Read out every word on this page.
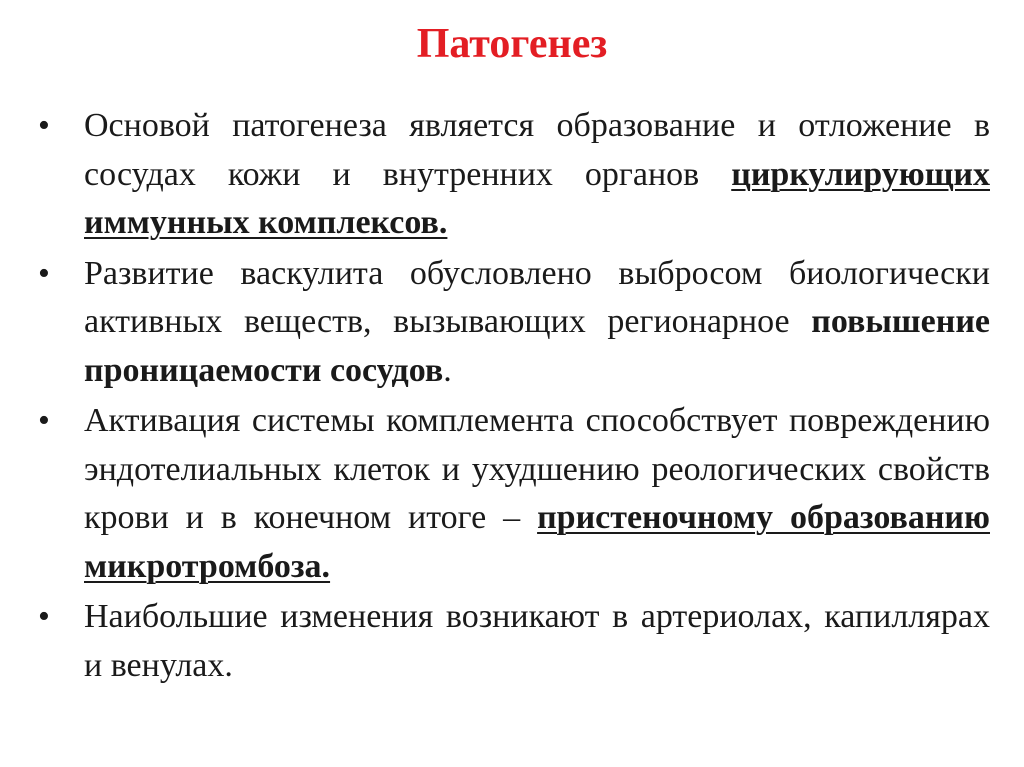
Патогенез
•	Основой патогенеза является образование и отложение в сосудах кожи и внутренних органов циркулирующих иммунных комплексов.
•	Развитие васкулита обусловлено выбросом биологически активных веществ, вызывающих регионарное повышение проницаемости сосудов.
•	Активация системы комплемента способствует повреждению эндотелиальных клеток и ухудшению реологических свойств крови и в конечном итоге – пристеночному образованию микротромбоза.
•	Наибольшие изменения возникают в артериолах, капиллярах и венулах.
